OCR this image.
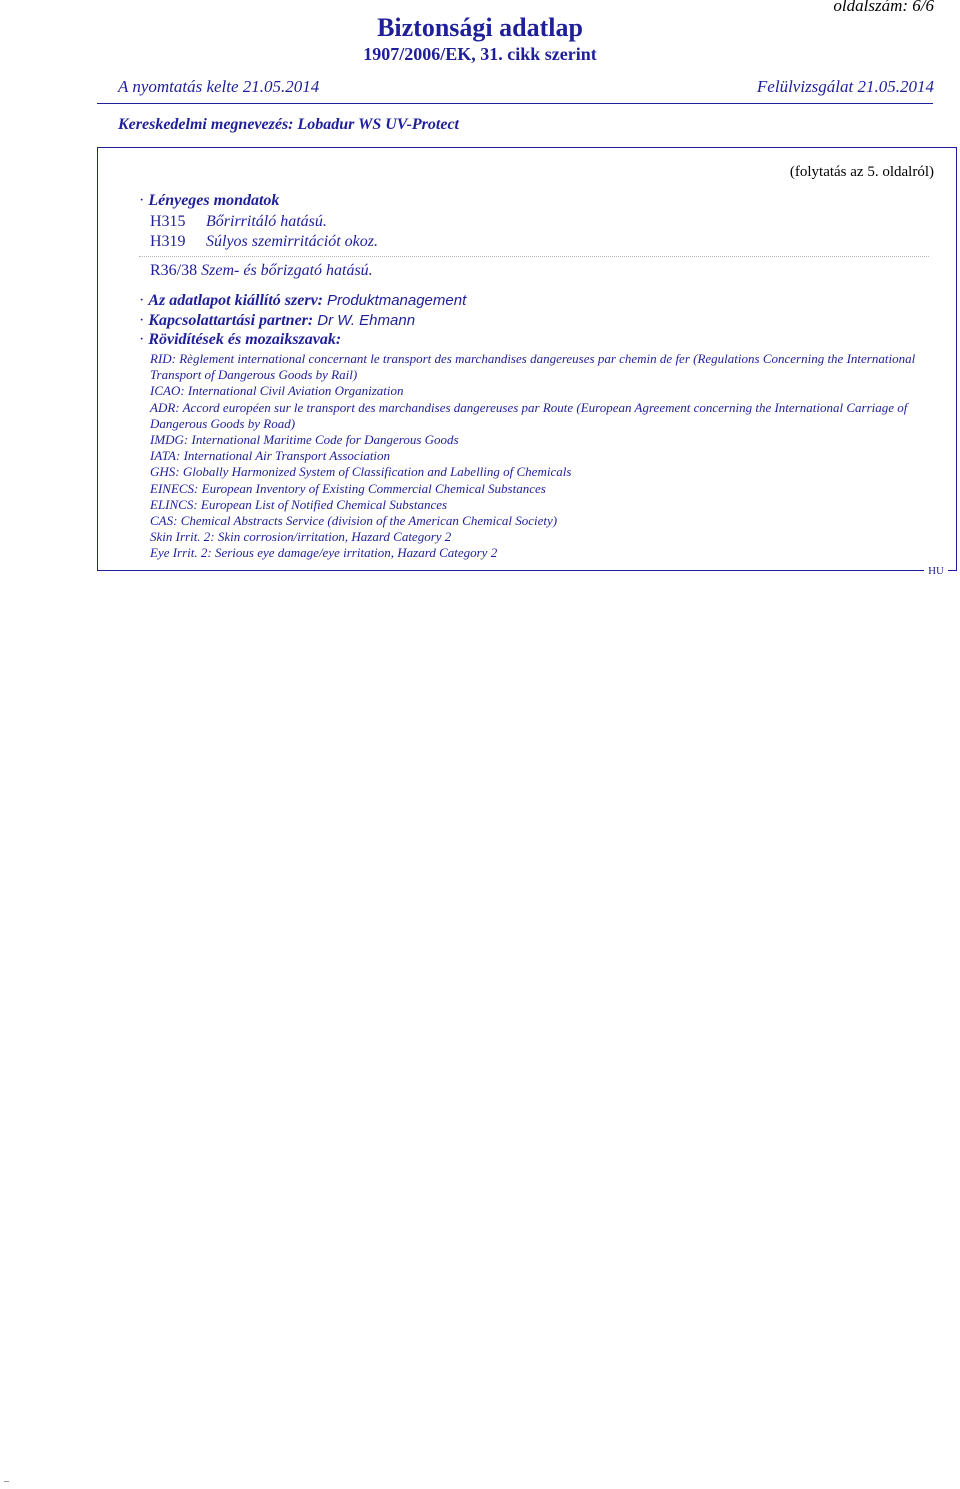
oldalszám: 6/6
Biztonsági adatlap
1907/2006/EK, 31. cikk szerint
A nyomtatás kelte 21.05.2014	Felülvizsgálat 21.05.2014
Kereskedelmi megnevezés: Lobadur WS UV-Protect
(folytatás az 5. oldalról)
· Lényeges mondatok
H315 Bőrirritáló hatású.
H319 Súlyos szemirritációt okoz.
R36/38 Szem- és bőrizgató hatású.
· Az adatlapot kiállító szerv: Produktmanagement
· Kapcsolattartási partner: Dr W. Ehmann
· Rövidítések és mozaikszavak:
RID: Règlement international concernant le transport des marchandises dangereuses par chemin de fer (Regulations Concerning the International Transport of Dangerous Goods by Rail)
ICAO: International Civil Aviation Organization
ADR: Accord européen sur le transport des marchandises dangereuses par Route (European Agreement concerning the International Carriage of Dangerous Goods by Road)
IMDG: International Maritime Code for Dangerous Goods
IATA: International Air Transport Association
GHS: Globally Harmonized System of Classification and Labelling of Chemicals
EINECS: European Inventory of Existing Commercial Chemical Substances
ELINCS: European List of Notified Chemical Substances
CAS: Chemical Abstracts Service (division of the American Chemical Society)
Skin Irrit. 2: Skin corrosion/irritation, Hazard Category 2
Eye Irrit. 2: Serious eye damage/eye irritation, Hazard Category 2
HU
–
